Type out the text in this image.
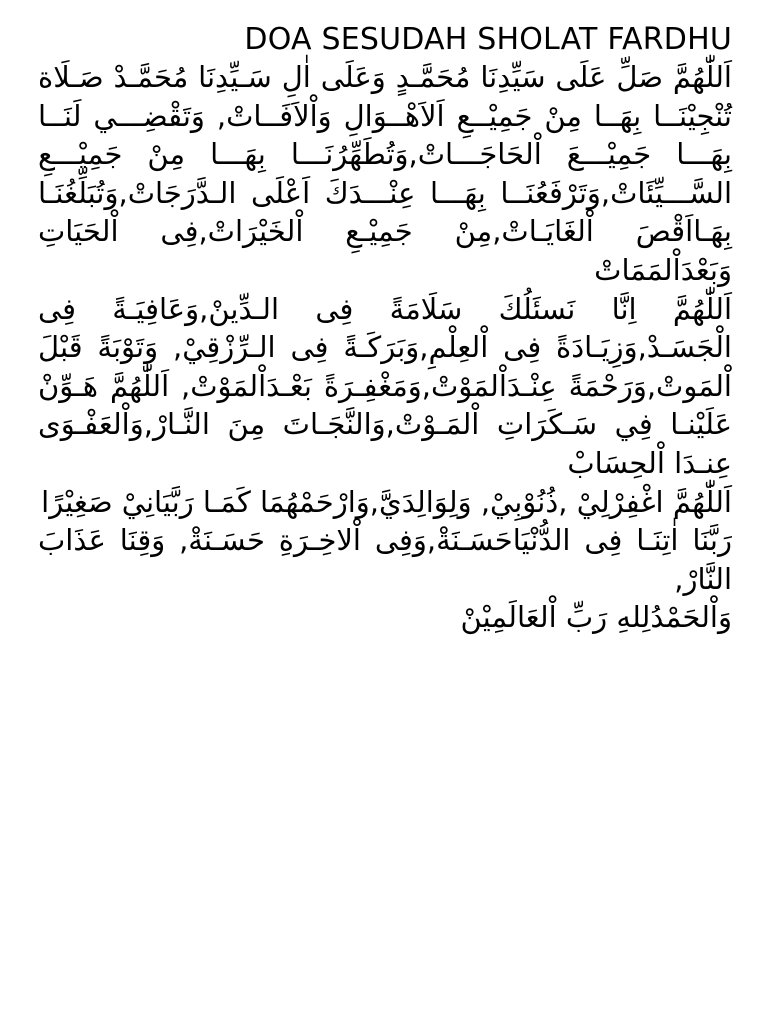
DOA SESUDAH SHOLAT FARDHU

اَللّٰهُمَّ صَلِّ عَلَى سَيِّدِنَا مُحَمَّـدٍ وَعَلَى اٰلِ سَـيِّدِنَا مُحَمَّـدْ صَـلَاة تُنْجِيْنَــا بِهَــا مِنْ جَمِيْــعِ اَلاَهْــوَالِ وَاْلاَفَــاتْ, وَتَقْضِـــي لَنَــا بِهَـــا جَمِيْـــعَ اْلحَاجَـــاتْ,وَتُطَهِّرُنَـــا بِهَـــا مِنْ جَمِيْـــعِ السَّـــيِّئَاتْ,وَتَرْفَعُنَــا بِهَـــا عِنْـــدَكَ اَعْلَى الـدَّرَجَاتْ,وَتُبَلِّغُنَـا بِهَـااَقْصَ اْلغَايَـاتْ,مِنْ جَمِيْـعِ اْلخَيْرَاتْ,فِى اْلحَيَاتِ وَبَعْدَاْلمَمَاتْ

اَللّٰهُمَّ اِنَّا نَسئَلُكَ سَلَامَةً فِى الـدِّينْ,وَعَافِيَـةً فِى الْجَسَـدْ,وَزِيَـادَةً فِى اْلعِلْمِ,وَبَرَكَـةً فِى الـرِّزْقِيْ, وَتَوْبَةً قَبْلَ اْلمَوتْ,وَرَحْمَةً عِنْـدَاْلمَوْتْ,وَمَغْفِـرَةً بَعْـدَاْلمَوْتْ, اَللّٰهُمَّ هَـوِّنْ عَلَيْنـا فِي سَـكَرَاتِ اْلمَـوْتْ,وَالنَّجَـاتَ مِنَ النَّـارْ,وَاْلعَفْـوَى عِنـدَا اْلحِسَابْ

اَللّٰهُمَّ اغْفِرْلِيْ ,ذُنُوْبِيْ, وَلِوَالِدَيَّ,وَارْحَمْهُمَا كَمَـا رَبَّيَانِيْ صَغِيْرًا

رَبَّنَا اٰتِنَـا فِى الدُّنْيَاحَسَـنَةْ,وَفِى اْلاخِـرَةِ حَسَـنَةْ, وَقِنَا عَذَابَ النَّارْ,

وَاْلحَمْدُلِلهِ رَبِّ اْلعَالَمِيْنْ
